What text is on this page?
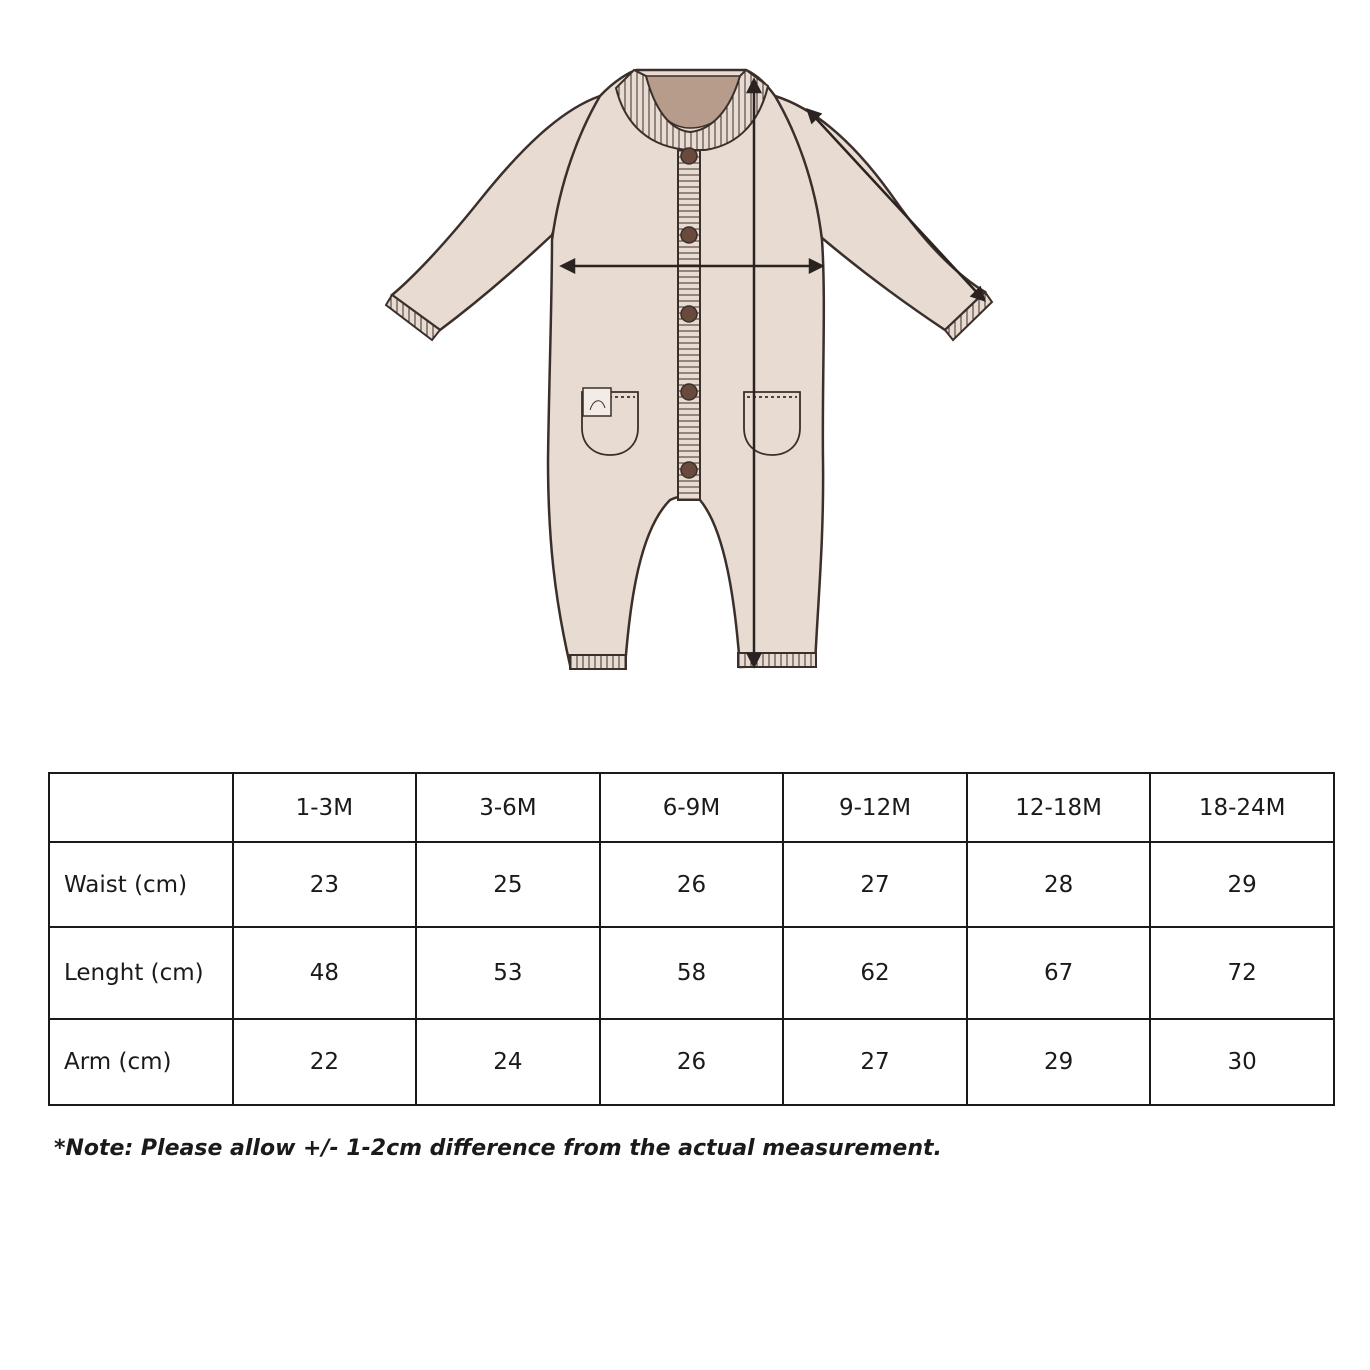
	1-3M	3-6M	6-9M	9-12M	12-18M	18-24M
Waist (cm)	23	25	26	27	28	29
Lenght (cm)	48	53	58	62	67	72
Arm (cm)	22	24	26	27	29	30
*Note: Please allow +/- 1-2cm difference from the actual measurement.
